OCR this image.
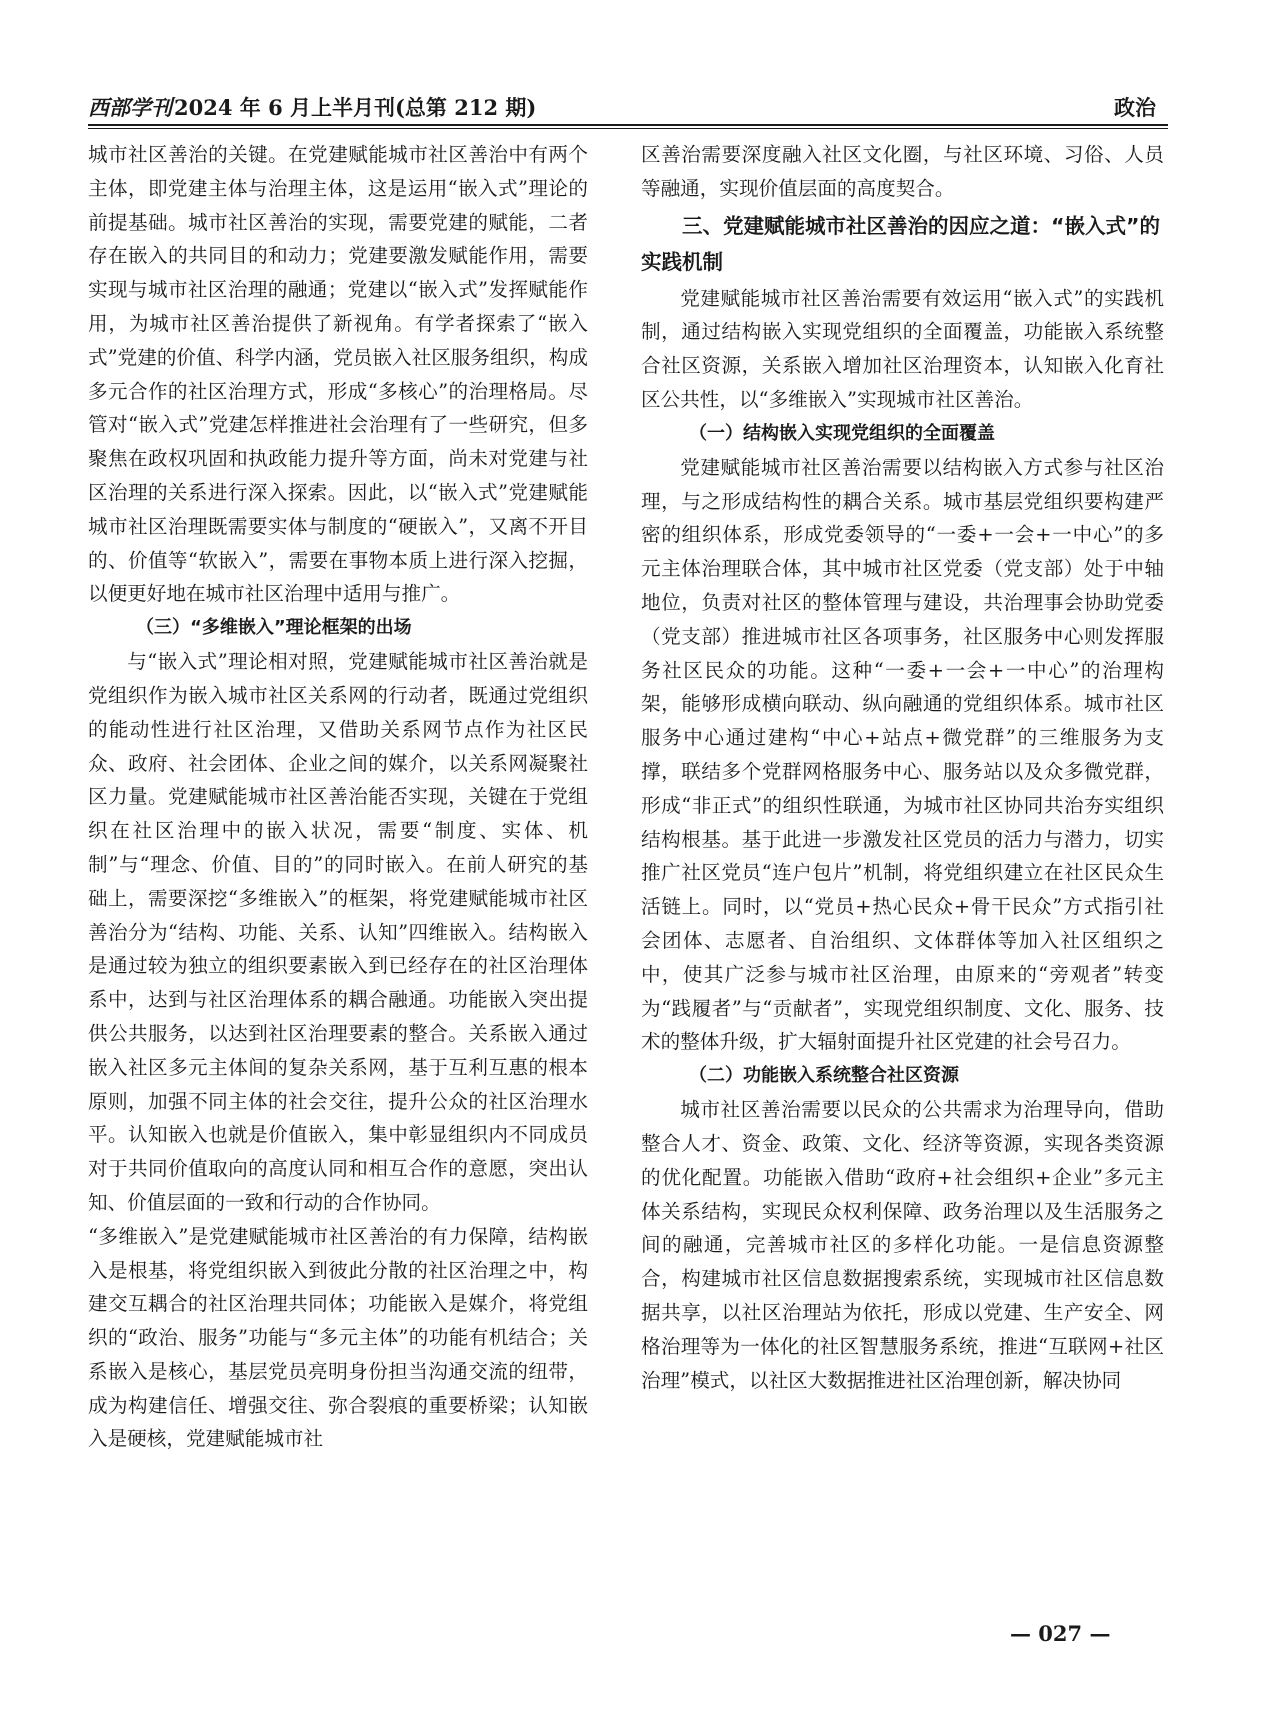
西部学刊2024 年 6 月上半月刊(总第 212 期)	政治

城市社区善治的关键。在党建赋能城市社区善治中有两个主体，即党建主体与治理主体，这是运用“嵌入式”理论的前提基础。城市社区善治的实现，需要党建的赋能，二者存在嵌入的共同目的和动力；党建要激发赋能作用，需要实现与城市社区治理的融通；党建以“嵌入式”发挥赋能作用，为城市社区善治提供了新视角。有学者探索了“嵌入式”党建的价值、科学内涵，党员嵌入社区服务组织，构成多元合作的社区治理方式，形成“多核心”的治理格局。尽管对“嵌入式”党建怎样推进社会治理有了一些研究，但多聚焦在政权巩固和执政能力提升等方面，尚未对党建与社区治理的关系进行深入探索。因此，以“嵌入式”党建赋能城市社区治理既需要实体与制度的“硬嵌入”，又离不开目的、价值等“软嵌入”，需要在事物本质上进行深入挖掘，以便更好地在城市社区治理中适用与推广。

（三）“多维嵌入”理论框架的出场

与“嵌入式”理论相对照，党建赋能城市社区善治就是党组织作为嵌入城市社区关系网的行动者，既通过党组织的能动性进行社区治理，又借助关系网节点作为社区民众、政府、社会团体、企业之间的媒介，以关系网凝聚社区力量。党建赋能城市社区善治能否实现，关键在于党组织在社区治理中的嵌入状况，需要“制度、实体、机制”与“理念、价值、目的”的同时嵌入。在前人研究的基础上，需要深挖“多维嵌入”的框架，将党建赋能城市社区善治分为“结构、功能、关系、认知”四维嵌入。结构嵌入是通过较为独立的组织要素嵌入到已经存在的社区治理体系中，达到与社区治理体系的耦合融通。功能嵌入突出提供公共服务，以达到社区治理要素的整合。关系嵌入通过嵌入社区多元主体间的复杂关系网，基于互利互惠的根本原则，加强不同主体的社会交往，提升公众的社区治理水平。认知嵌入也就是价值嵌入，集中彰显组织内不同成员对于共同价值取向的高度认同和相互合作的意愿，突出认知、价值层面的一致和行动的合作协同。

“多维嵌入”是党建赋能城市社区善治的有力保障，结构嵌入是根基，将党组织嵌入到彼此分散的社区治理之中，构建交互耦合的社区治理共同体；功能嵌入是媒介，将党组织的“政治、服务”功能与“多元主体”的功能有机结合；关系嵌入是核心，基层党员亮明身份担当沟通交流的纽带，成为构建信任、增强交往、弥合裂痕的重要桥梁；认知嵌入是硬核，党建赋能城市社

区善治需要深度融入社区文化圈，与社区环境、习俗、人员等融通，实现价值层面的高度契合。

三、党建赋能城市社区善治的因应之道：“嵌入式”的实践机制

党建赋能城市社区善治需要有效运用“嵌入式”的实践机制，通过结构嵌入实现党组织的全面覆盖，功能嵌入系统整合社区资源，关系嵌入增加社区治理资本，认知嵌入化育社区公共性，以“多维嵌入”实现城市社区善治。

（一）结构嵌入实现党组织的全面覆盖

党建赋能城市社区善治需要以结构嵌入方式参与社区治理，与之形成结构性的耦合关系。城市基层党组织要构建严密的组织体系，形成党委领导的“一委+一会+一中心”的多元主体治理联合体，其中城市社区党委（党支部）处于中轴地位，负责对社区的整体管理与建设，共治理事会协助党委（党支部）推进城市社区各项事务，社区服务中心则发挥服务社区民众的功能。这种“一委+一会+一中心”的治理构架，能够形成横向联动、纵向融通的党组织体系。城市社区服务中心通过建构“中心+站点+微党群”的三维服务为支撑，联结多个党群网格服务中心、服务站以及众多微党群，形成“非正式”的组织性联通，为城市社区协同共治夯实组织结构根基。基于此进一步激发社区党员的活力与潜力，切实推广社区党员“连户包片”机制，将党组织建立在社区民众生活链上。同时，以“党员+热心民众+骨干民众”方式指引社会团体、志愿者、自治组织、文体群体等加入社区组织之中，使其广泛参与城市社区治理，由原来的“旁观者”转变为“践履者”与“贡献者”，实现党组织制度、文化、服务、技术的整体升级，扩大辐射面提升社区党建的社会号召力。

（二）功能嵌入系统整合社区资源

城市社区善治需要以民众的公共需求为治理导向，借助整合人才、资金、政策、文化、经济等资源，实现各类资源的优化配置。功能嵌入借助“政府+社会组织+企业”多元主体关系结构，实现民众权利保障、政务治理以及生活服务之间的融通，完善城市社区的多样化功能。一是信息资源整合，构建城市社区信息数据搜索系统，实现城市社区信息数据共享，以社区治理站为依托，形成以党建、生产安全、网格治理等为一体化的社区智慧服务系统，推进“互联网+社区治理”模式，以社区大数据推进社区治理创新，解决协同

— 027 —
